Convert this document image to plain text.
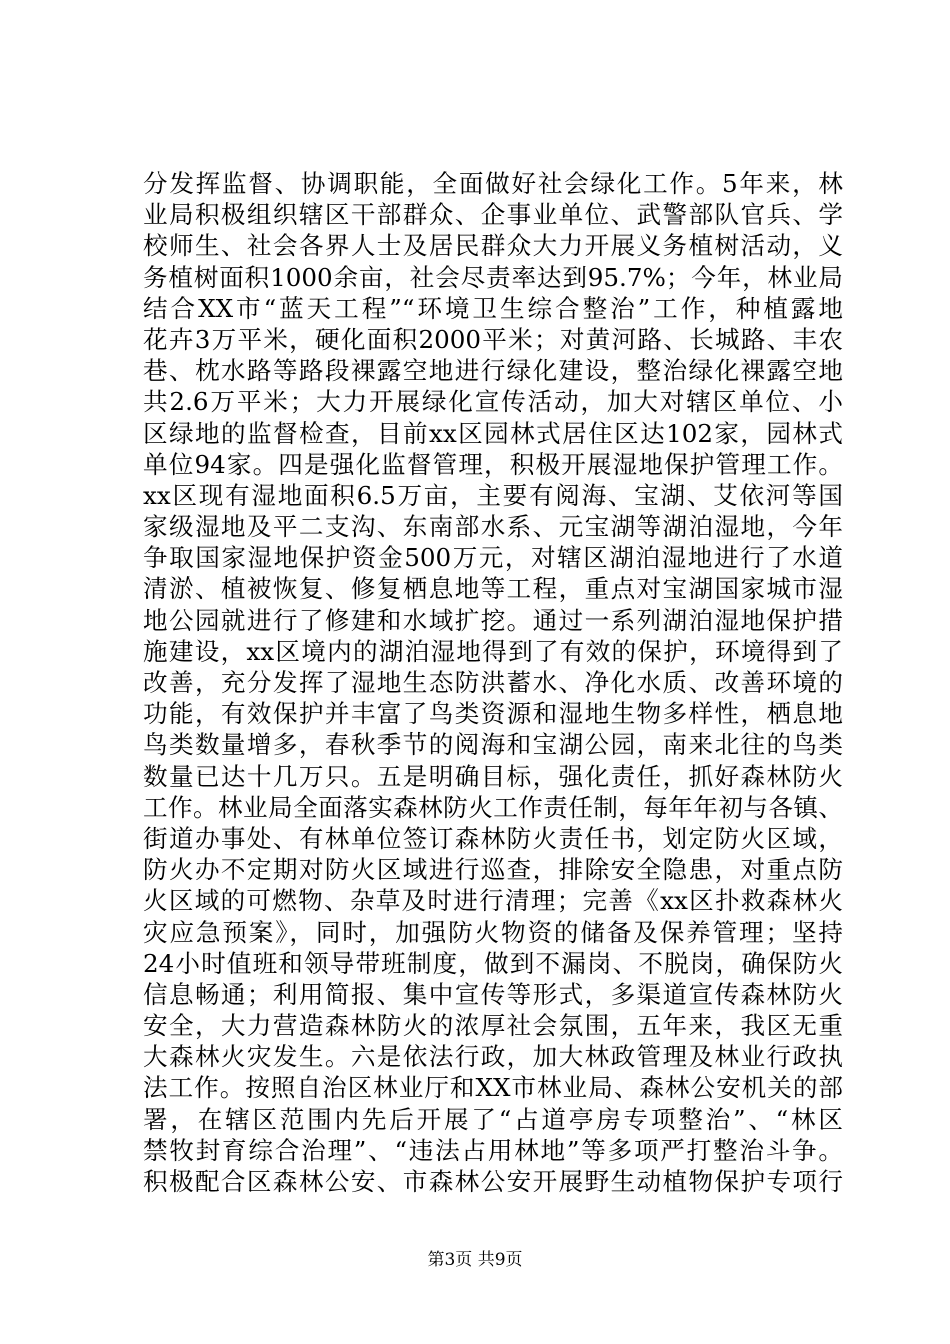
分发挥监督、协调职能，全面做好社会绿化工作。5年来，林
业局积极组织辖区干部群众、企事业单位、武警部队官兵、学
校师生、社会各界人士及居民群众大力开展义务植树活动，义
务植树面积1000余亩，社会尽责率达到95.7%；今年，林业局
结合XX市“蓝天工程”“环境卫生综合整治”工作，种植露地
花卉3万平米，硬化面积2000平米；对黄河路、长城路、丰农
巷、枕水路等路段裸露空地进行绿化建设，整治绿化裸露空地
共2.6万平米；大力开展绿化宣传活动，加大对辖区单位、小
区绿地的监督检查，目前xx区园林式居住区达102家，园林式
单位94家。四是强化监督管理，积极开展湿地保护管理工作。
xx区现有湿地面积6.5万亩，主要有阅海、宝湖、艾依河等国
家级湿地及平二支沟、东南部水系、元宝湖等湖泊湿地，今年
争取国家湿地保护资金500万元，对辖区湖泊湿地进行了水道
清淤、植被恢复、修复栖息地等工程，重点对宝湖国家城市湿
地公园就进行了修建和水域扩挖。通过一系列湖泊湿地保护措
施建设，xx区境内的湖泊湿地得到了有效的保护，环境得到了
改善，充分发挥了湿地生态防洪蓄水、净化水质、改善环境的
功能，有效保护并丰富了鸟类资源和湿地生物多样性，栖息地
鸟类数量增多，春秋季节的阅海和宝湖公园，南来北往的鸟类
数量已达十几万只。五是明确目标，强化责任，抓好森林防火
工作。林业局全面落实森林防火工作责任制，每年年初与各镇、
街道办事处、有林单位签订森林防火责任书，划定防火区域，
防火办不定期对防火区域进行巡查，排除安全隐患，对重点防
火区域的可燃物、杂草及时进行清理；完善《xx区扑救森林火
灾应急预案》，同时，加强防火物资的储备及保养管理；坚持
24小时值班和领导带班制度，做到不漏岗、不脱岗，确保防火
信息畅通；利用简报、集中宣传等形式，多渠道宣传森林防火
安全，大力营造森林防火的浓厚社会氛围，五年来，我区无重
大森林火灾发生。六是依法行政，加大林政管理及林业行政执
法工作。按照自治区林业厅和XX市林业局、森林公安机关的部
署，在辖区范围内先后开展了“占道亭房专项整治”、“林区
禁牧封育综合治理”、“违法占用林地”等多项严打整治斗争。
积极配合区森林公安、市森林公安开展野生动植物保护专项行
第3页 共9页
